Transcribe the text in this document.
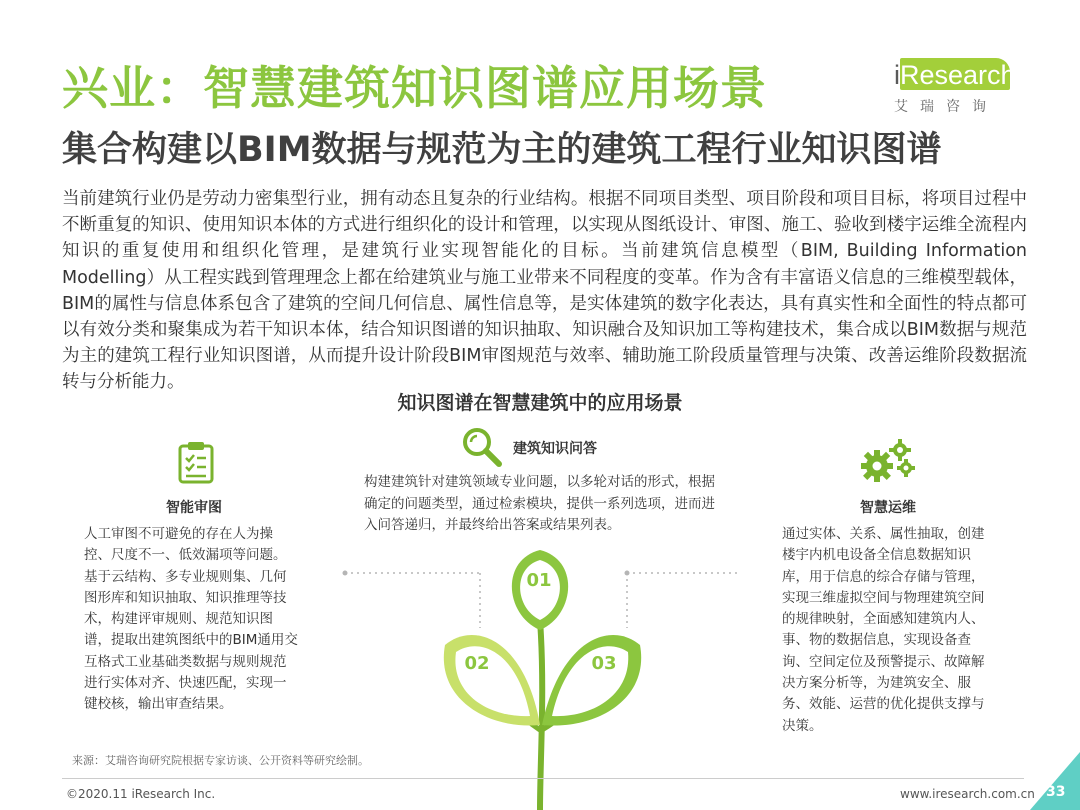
兴业：智慧建筑知识图谱应用场景
集合构建以BIM数据与规范为主的建筑工程行业知识图谱
iResearch
艾瑞咨询
当前建筑行业仍是劳动力密集型行业，拥有动态且复杂的行业结构。根据不同项目类型、项目阶段和项目目标，将项目过程中不断重复的知识、使用知识本体的方式进行组织化的设计和管理，以实现从图纸设计、审图、施工、验收到楼宇运维全流程内知识的重复使用和组织化管理，是建筑行业实现智能化的目标。当前建筑信息模型（BIM, Building Information Modelling）从工程实践到管理理念上都在给建筑业与施工业带来不同程度的变革。作为含有丰富语义信息的三维模型载体，BIM的属性与信息体系包含了建筑的空间几何信息、属性信息等，是实体建筑的数字化表达，具有真实性和全面性的特点都可以有效分类和聚集成为若干知识本体，结合知识图谱的知识抽取、知识融合及知识加工等构建技术，集合成以BIM数据与规范为主的建筑工程行业知识图谱，从而提升设计阶段BIM审图规范与效率、辅助施工阶段质量管理与决策、改善运维阶段数据流转与分析能力。
知识图谱在智慧建筑中的应用场景
智能审图
人工审图不可避免的存在人为操控、尺度不一、低效漏项等问题。基于云结构、多专业规则集、几何图形库和知识抽取、知识推理等技术，构建评审规则、规范知识图谱，提取出建筑图纸中的BIM通用交互格式工业基础类数据与规则规范进行实体对齐、快速匹配，实现一键校核，输出审查结果。
建筑知识问答
构建建筑针对建筑领域专业问题，以多轮对话的形式，根据确定的问题类型，通过检索模块，提供一系列选项，进而进入问答递归，并最终给出答案或结果列表。
智慧运维
通过实体、关系、属性抽取，创建楼宇内机电设备全信息数据知识库，用于信息的综合存储与管理，实现三维虚拟空间与物理建筑空间的规律映射，全面感知建筑内人、事、物的数据信息，实现设备查询、空间定位及预警提示、故障解决方案分析等，为建筑安全、服务、效能、运营的优化提供支撑与决策。
01
02	03
来源：艾瑞咨询研究院根据专家访谈、公开资料等研究绘制。
©2020.11 iResearch Inc.	www.iresearch.com.cn 33
